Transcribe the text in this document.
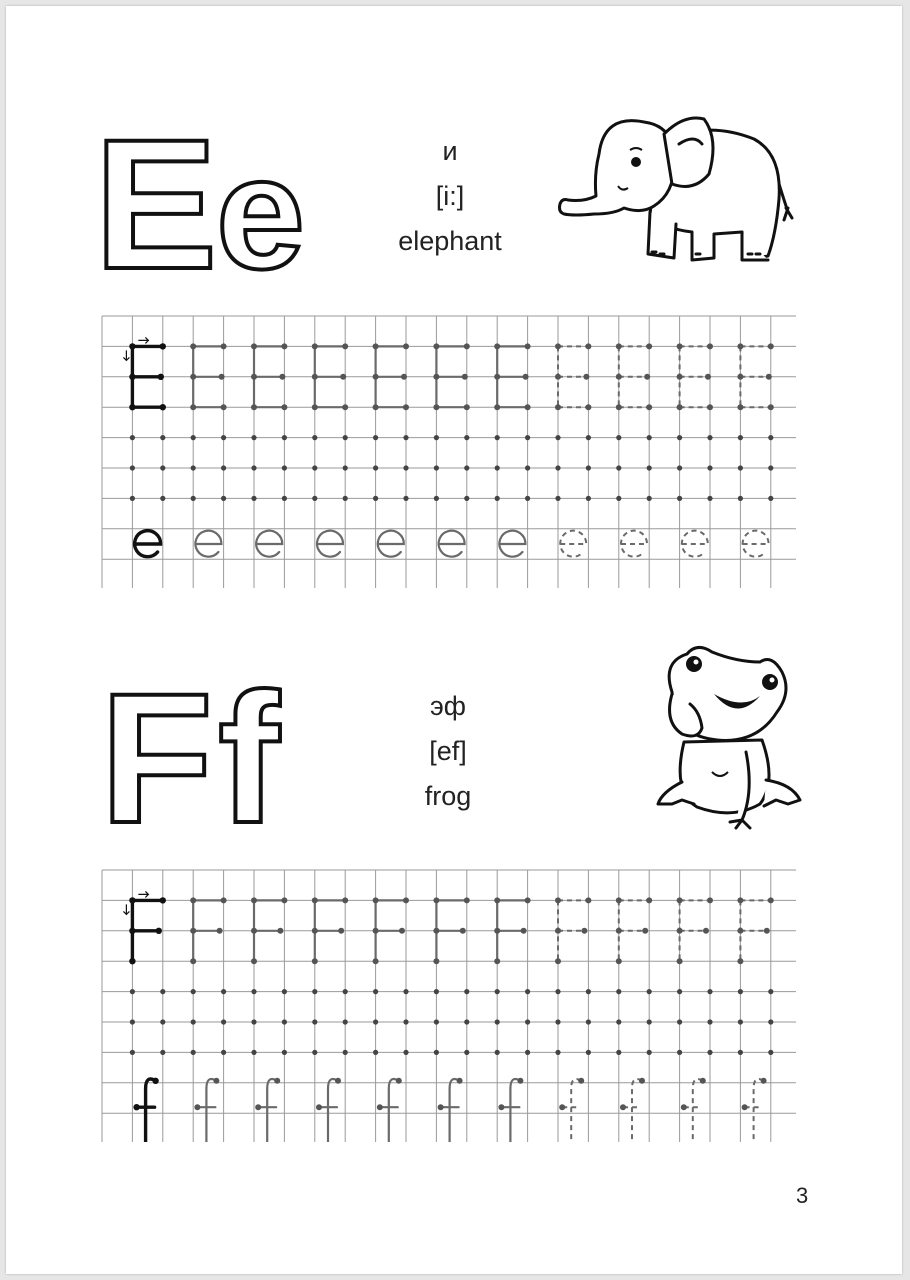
E
e	и
[i:]
elephant
F f	эф
[ef]
frog
3
